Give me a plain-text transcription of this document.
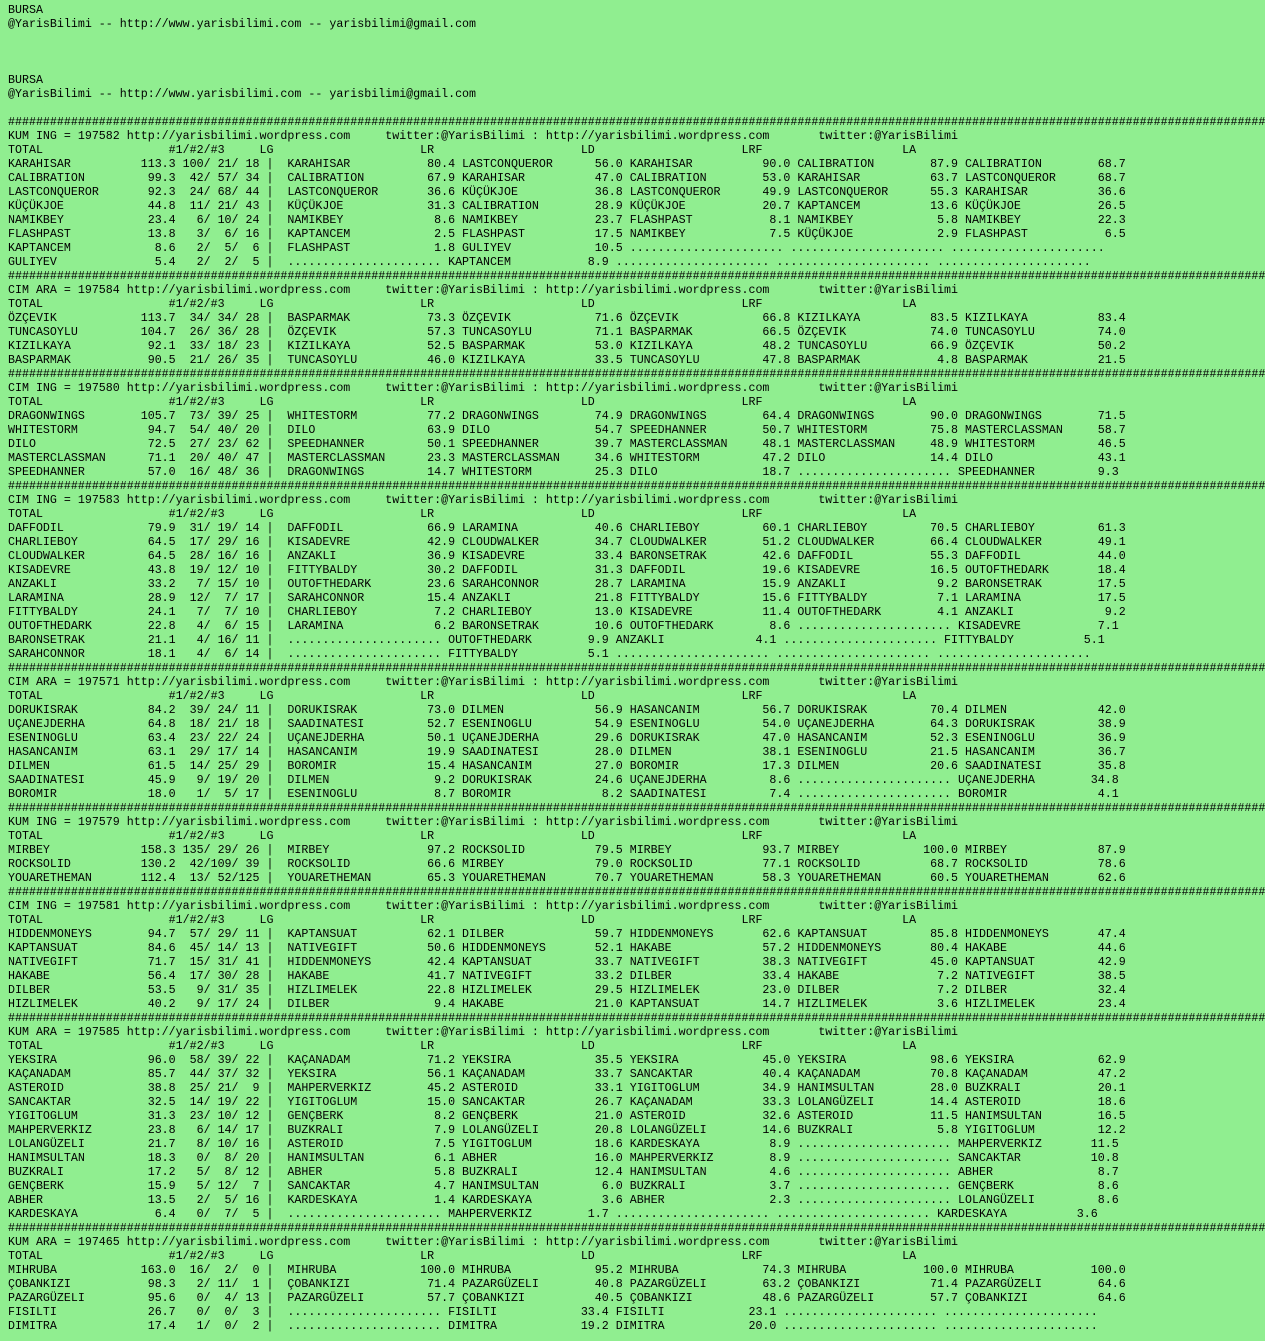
BURSA
@YarisBilimi -- http://www.yarisbilimi.com -- yarisbilimi@gmail.com

BURSA
@YarisBilimi -- http://www.yarisbilimi.com -- yarisbilimi@gmail.com

####################################################################################################################################################################################
KUM ING = 197582 http://yarisbilimi.wordpress.com     twitter:@YarisBilimi : http://yarisbilimi.wordpress.com       twitter:@YarisBilimi
TOTAL                  #1/#2/#3     LG                     LR                     LD                     LRF                    LA
KARAHISAR          113.3 100/ 21/ 18 |  KARAHISAR           80.4 LASTCONQUEROR      56.0 KARAHISAR          90.0 CALIBRATION        87.9 CALIBRATION        68.7
CALIBRATION         99.3  42/ 57/ 34 |  CALIBRATION         67.9 KARAHISAR          47.0 CALIBRATION        53.0 KARAHISAR          63.7 LASTCONQUEROR      68.7
LASTCONQUEROR       92.3  24/ 68/ 44 |  LASTCONQUEROR       36.6 KÜÇÜKJOE           36.8 LASTCONQUEROR      49.9 LASTCONQUEROR      55.3 KARAHISAR          36.6
KÜÇÜKJOE            44.8  11/ 21/ 43 |  KÜÇÜKJOE            31.3 CALIBRATION        28.9 KÜÇÜKJOE           20.7 KAPTANCEM          13.6 KÜÇÜKJOE           26.5
NAMIKBEY            23.4   6/ 10/ 24 |  NAMIKBEY             8.6 NAMIKBEY           23.7 FLASHPAST           8.1 NAMIKBEY            5.8 NAMIKBEY           22.3
FLASHPAST           13.8   3/  6/ 16 |  KAPTANCEM            2.5 FLASHPAST          17.5 NAMIKBEY            7.5 KÜÇÜKJOE            2.9 FLASHPAST           6.5
KAPTANCEM            8.6   2/  5/  6 |  FLASHPAST            1.8 GULIYEV            10.5 ...................... ...................... ......................
GULIYEV              5.4   2/  2/  5 |  ...................... KAPTANCEM           8.9 ...................... ...................... ......................
####################################################################################################################################################################################
CIM ARA = 197584 http://yarisbilimi.wordpress.com     twitter:@YarisBilimi : http://yarisbilimi.wordpress.com       twitter:@YarisBilimi
TOTAL                  #1/#2/#3     LG                     LR                     LD                     LRF                    LA
ÖZÇEVIK            113.7  34/ 34/ 28 |  BASPARMAK           73.3 ÖZÇEVIK            71.6 ÖZÇEVIK            66.8 KIZILKAYA          83.5 KIZILKAYA          83.4
TUNCASOYLU         104.7  26/ 36/ 28 |  ÖZÇEVIK             57.3 TUNCASOYLU         71.1 BASPARMAK          66.5 ÖZÇEVIK            74.0 TUNCASOYLU         74.0
KIZILKAYA           92.1  33/ 18/ 23 |  KIZILKAYA           52.5 BASPARMAK          53.0 KIZILKAYA          48.2 TUNCASOYLU         66.9 ÖZÇEVIK            50.2
BASPARMAK           90.5  21/ 26/ 35 |  TUNCASOYLU          46.0 KIZILKAYA          33.5 TUNCASOYLU         47.8 BASPARMAK           4.8 BASPARMAK          21.5
####################################################################################################################################################################################
CIM ING = 197580 http://yarisbilimi.wordpress.com     twitter:@YarisBilimi : http://yarisbilimi.wordpress.com       twitter:@YarisBilimi
TOTAL                  #1/#2/#3     LG                     LR                     LD                     LRF                    LA
DRAGONWINGS        105.7  73/ 39/ 25 |  WHITESTORM          77.2 DRAGONWINGS        74.9 DRAGONWINGS        64.4 DRAGONWINGS        90.0 DRAGONWINGS        71.5
WHITESTORM          94.7  54/ 40/ 20 |  DILO                63.9 DILO               54.7 SPEEDHANNER        50.7 WHITESTORM         75.8 MASTERCLASSMAN     58.7
DILO                72.5  27/ 23/ 62 |  SPEEDHANNER         50.1 SPEEDHANNER        39.7 MASTERCLASSMAN     48.1 MASTERCLASSMAN     48.9 WHITESTORM         46.5
MASTERCLASSMAN      71.1  20/ 40/ 47 |  MASTERCLASSMAN      23.3 MASTERCLASSMAN     34.6 WHITESTORM         47.2 DILO               14.4 DILO               43.1
SPEEDHANNER         57.0  16/ 48/ 36 |  DRAGONWINGS         14.7 WHITESTORM         25.3 DILO               18.7 ...................... SPEEDHANNER         9.3
####################################################################################################################################################################################
CIM ING = 197583 http://yarisbilimi.wordpress.com     twitter:@YarisBilimi : http://yarisbilimi.wordpress.com       twitter:@YarisBilimi
TOTAL                  #1/#2/#3     LG                     LR                     LD                     LRF                    LA
DAFFODIL            79.9  31/ 19/ 14 |  DAFFODIL            66.9 LARAMINA           40.6 CHARLIEBOY         60.1 CHARLIEBOY         70.5 CHARLIEBOY         61.3
CHARLIEBOY          64.5  17/ 29/ 16 |  KISADEVRE           42.9 CLOUDWALKER        34.7 CLOUDWALKER        51.2 CLOUDWALKER        66.4 CLOUDWALKER        49.1
CLOUDWALKER         64.5  28/ 16/ 16 |  ANZAKLI             36.9 KISADEVRE          33.4 BARONSETRAK        42.6 DAFFODIL           55.3 DAFFODIL           44.0
KISADEVRE           43.8  19/ 12/ 10 |  FITTYBALDY          30.2 DAFFODIL           31.3 DAFFODIL           19.6 KISADEVRE          16.5 OUTOFTHEDARK       18.4
ANZAKLI             33.2   7/ 15/ 10 |  OUTOFTHEDARK        23.6 SARAHCONNOR        28.7 LARAMINA           15.9 ANZAKLI             9.2 BARONSETRAK        17.5
LARAMINA            28.9  12/  7/ 17 |  SARAHCONNOR         15.4 ANZAKLI            21.8 FITTYBALDY         15.6 FITTYBALDY          7.1 LARAMINA           17.5
FITTYBALDY          24.1   7/  7/ 10 |  CHARLIEBOY           7.2 CHARLIEBOY         13.0 KISADEVRE          11.4 OUTOFTHEDARK        4.1 ANZAKLI             9.2
OUTOFTHEDARK        22.8   4/  6/ 15 |  LARAMINA             6.2 BARONSETRAK        10.6 OUTOFTHEDARK        8.6 ...................... KISADEVRE           7.1
BARONSETRAK         21.1   4/ 16/ 11 |  ...................... OUTOFTHEDARK        9.9 ANZAKLI             4.1 ...................... FITTYBALDY          5.1
SARAHCONNOR         18.1   4/  6/ 14 |  ...................... FITTYBALDY          5.1 ...................... ...................... ......................
####################################################################################################################################################################################
CIM ARA = 197571 http://yarisbilimi.wordpress.com     twitter:@YarisBilimi : http://yarisbilimi.wordpress.com       twitter:@YarisBilimi
TOTAL                  #1/#2/#3     LG                     LR                     LD                     LRF                    LA
DORUKISRAK          84.2  39/ 24/ 11 |  DORUKISRAK          73.0 DILMEN             56.9 HASANCANIM         56.7 DORUKISRAK         70.4 DILMEN             42.0
UÇANEJDERHA         64.8  18/ 21/ 18 |  SAADINATESI         52.7 ESENINOGLU         54.9 ESENINOGLU         54.0 UÇANEJDERHA        64.3 DORUKISRAK         38.9
ESENINOGLU          63.4  23/ 22/ 24 |  UÇANEJDERHA         50.1 UÇANEJDERHA        29.6 DORUKISRAK         47.0 HASANCANIM         52.3 ESENINOGLU         36.9
HASANCANIM          63.1  29/ 17/ 14 |  HASANCANIM          19.9 SAADINATESI        28.0 DILMEN             38.1 ESENINOGLU         21.5 HASANCANIM         36.7
DILMEN              61.5  14/ 25/ 29 |  BOROMIR             15.4 HASANCANIM         27.0 BOROMIR            17.3 DILMEN             20.6 SAADINATESI        35.8
SAADINATESI         45.9   9/ 19/ 20 |  DILMEN               9.2 DORUKISRAK         24.6 UÇANEJDERHA         8.6 ...................... UÇANEJDERHA        34.8
BOROMIR             18.0   1/  5/ 17 |  ESENINOGLU           8.7 BOROMIR             8.2 SAADINATESI         7.4 ...................... BOROMIR             4.1
####################################################################################################################################################################################
KUM ING = 197579 http://yarisbilimi.wordpress.com     twitter:@YarisBilimi : http://yarisbilimi.wordpress.com       twitter:@YarisBilimi
TOTAL                  #1/#2/#3     LG                     LR                     LD                     LRF                    LA
MIRBEY             158.3 135/ 29/ 26 |  MIRBEY              97.2 ROCKSOLID          79.5 MIRBEY             93.7 MIRBEY            100.0 MIRBEY             87.9
ROCKSOLID          130.2  42/109/ 39 |  ROCKSOLID           66.6 MIRBEY             79.0 ROCKSOLID          77.1 ROCKSOLID          68.7 ROCKSOLID          78.6
YOUARETHEMAN       112.4  13/ 52/125 |  YOUARETHEMAN        65.3 YOUARETHEMAN       70.7 YOUARETHEMAN       58.3 YOUARETHEMAN       60.5 YOUARETHEMAN       62.6
####################################################################################################################################################################################
CIM ING = 197581 http://yarisbilimi.wordpress.com     twitter:@YarisBilimi : http://yarisbilimi.wordpress.com       twitter:@YarisBilimi
TOTAL                  #1/#2/#3     LG                     LR                     LD                     LRF                    LA
HIDDENMONEYS        94.7  57/ 29/ 11 |  KAPTANSUAT          62.1 DILBER             59.7 HIDDENMONEYS       62.6 KAPTANSUAT         85.8 HIDDENMONEYS       47.4
KAPTANSUAT          84.6  45/ 14/ 13 |  NATIVEGIFT          50.6 HIDDENMONEYS       52.1 HAKABE             57.2 HIDDENMONEYS       80.4 HAKABE             44.6
NATIVEGIFT          71.7  15/ 31/ 41 |  HIDDENMONEYS        42.4 KAPTANSUAT         33.7 NATIVEGIFT         38.3 NATIVEGIFT         45.0 KAPTANSUAT         42.9
HAKABE              56.4  17/ 30/ 28 |  HAKABE              41.7 NATIVEGIFT         33.2 DILBER             33.4 HAKABE              7.2 NATIVEGIFT         38.5
DILBER              53.5   9/ 31/ 35 |  HIZLIMELEK          22.8 HIZLIMELEK         29.5 HIZLIMELEK         23.0 DILBER              7.2 DILBER             32.4
HIZLIMELEK          40.2   9/ 17/ 24 |  DILBER               9.4 HAKABE             21.0 KAPTANSUAT         14.7 HIZLIMELEK          3.6 HIZLIMELEK         23.4
####################################################################################################################################################################################
KUM ARA = 197585 http://yarisbilimi.wordpress.com     twitter:@YarisBilimi : http://yarisbilimi.wordpress.com       twitter:@YarisBilimi
TOTAL                  #1/#2/#3     LG                     LR                     LD                     LRF                    LA
YEKSIRA             96.0  58/ 39/ 22 |  KAÇANADAM           71.2 YEKSIRA            35.5 YEKSIRA            45.0 YEKSIRA            98.6 YEKSIRA            62.9
KAÇANADAM           85.7  44/ 37/ 32 |  YEKSIRA             56.1 KAÇANADAM          33.7 SANCAKTAR          40.4 KAÇANADAM          70.8 KAÇANADAM          47.2
ASTEROID            38.8  25/ 21/  9 |  MAHPERVERKIZ        45.2 ASTEROID           33.1 YIGITOGLUM         34.9 HANIMSULTAN        28.0 BUZKRALI           20.1
SANCAKTAR           32.5  14/ 19/ 22 |  YIGITOGLUM          15.0 SANCAKTAR          26.7 KAÇANADAM          33.3 LOLANGÜZELI        14.4 ASTEROID           18.6
YIGITOGLUM          31.3  23/ 10/ 12 |  GENÇBERK             8.2 GENÇBERK           21.0 ASTEROID           32.6 ASTEROID           11.5 HANIMSULTAN        16.5
MAHPERVERKIZ        23.8   6/ 14/ 17 |  BUZKRALI             7.9 LOLANGÜZELI        20.8 LOLANGÜZELI        14.6 BUZKRALI            5.8 YIGITOGLUM         12.2
LOLANGÜZELI         21.7   8/ 10/ 16 |  ASTEROID             7.5 YIGITOGLUM         18.6 KARDESKAYA          8.9 ...................... MAHPERVERKIZ       11.5
HANIMSULTAN         18.3   0/  8/ 20 |  HANIMSULTAN          6.1 ABHER              16.0 MAHPERVERKIZ        8.9 ...................... SANCAKTAR          10.8
BUZKRALI            17.2   5/  8/ 12 |  ABHER                5.8 BUZKRALI           12.4 HANIMSULTAN         4.6 ...................... ABHER               8.7
GENÇBERK            15.9   5/ 12/  7 |  SANCAKTAR            4.7 HANIMSULTAN         6.0 BUZKRALI            3.7 ...................... GENÇBERK            8.6
ABHER               13.5   2/  5/ 16 |  KARDESKAYA           1.4 KARDESKAYA          3.6 ABHER               2.3 ...................... LOLANGÜZELI         8.6
KARDESKAYA           6.4   0/  7/  5 |  ...................... MAHPERVERKIZ        1.7 ...................... ...................... KARDESKAYA          3.6
####################################################################################################################################################################################
KUM ARA = 197465 http://yarisbilimi.wordpress.com     twitter:@YarisBilimi : http://yarisbilimi.wordpress.com       twitter:@YarisBilimi
TOTAL                  #1/#2/#3     LG                     LR                     LD                     LRF                    LA
MIHRUBA            163.0  16/  2/  0 |  MIHRUBA            100.0 MIHRUBA            95.2 MIHRUBA            74.3 MIHRUBA           100.0 MIHRUBA           100.0
ÇOBANKIZI           98.3   2/ 11/  1 |  ÇOBANKIZI           71.4 PAZARGÜZELI        40.8 PAZARGÜZELI        63.2 ÇOBANKIZI          71.4 PAZARGÜZELI        64.6
PAZARGÜZELI         95.6   0/  4/ 13 |  PAZARGÜZELI         57.7 ÇOBANKIZI          40.5 ÇOBANKIZI          48.6 PAZARGÜZELI        57.7 ÇOBANKIZI          64.6
FISILTI             26.7   0/  0/  3 |  ...................... FISILTI            33.4 FISILTI            23.1 ...................... ......................
DIMITRA             17.4   1/  0/  2 |  ...................... DIMITRA            19.2 DIMITRA            20.0 ...................... ......................
